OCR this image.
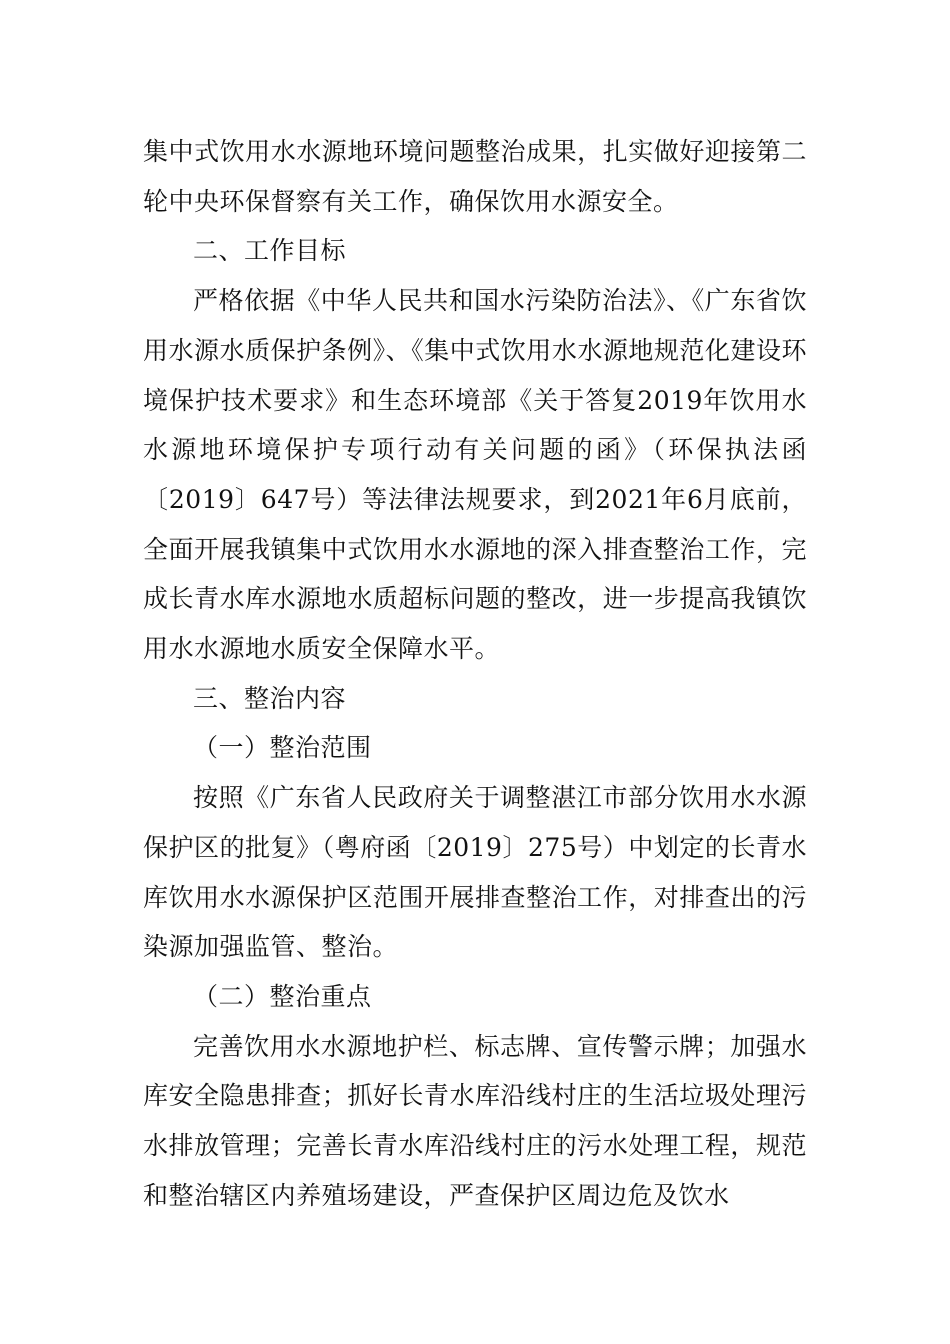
集中式饮用水水源地环境问题整治成果，扎实做好迎接第二轮中央环保督察有关工作，确保饮用水源安全。

二、工作目标

严格依据《中华人民共和国水污染防治法》、《广东省饮用水源水质保护条例》、《集中式饮用水水源地规范化建设环境保护技术要求》和生态环境部《关于答复2019年饮用水水源地环境保护专项行动有关问题的函》（环保执法函〔2019〕647号）等法律法规要求，到2021年6月底前，全面开展我镇集中式饮用水水源地的深入排查整治工作，完成长青水库水源地水质超标问题的整改，进一步提高我镇饮用水水源地水质安全保障水平。

三、整治内容

（一）整治范围

按照《广东省人民政府关于调整湛江市部分饮用水水源保护区的批复》（粤府函〔2019〕275号）中划定的长青水库饮用水水源保护区范围开展排查整治工作，对排查出的污染源加强监管、整治。

（二）整治重点

完善饮用水水源地护栏、标志牌、宣传警示牌；加强水库安全隐患排查；抓好长青水库沿线村庄的生活垃圾处理污水排放管理；完善长青水库沿线村庄的污水处理工程，规范和整治辖区内养殖场建设，严查保护区周边危及饮水
